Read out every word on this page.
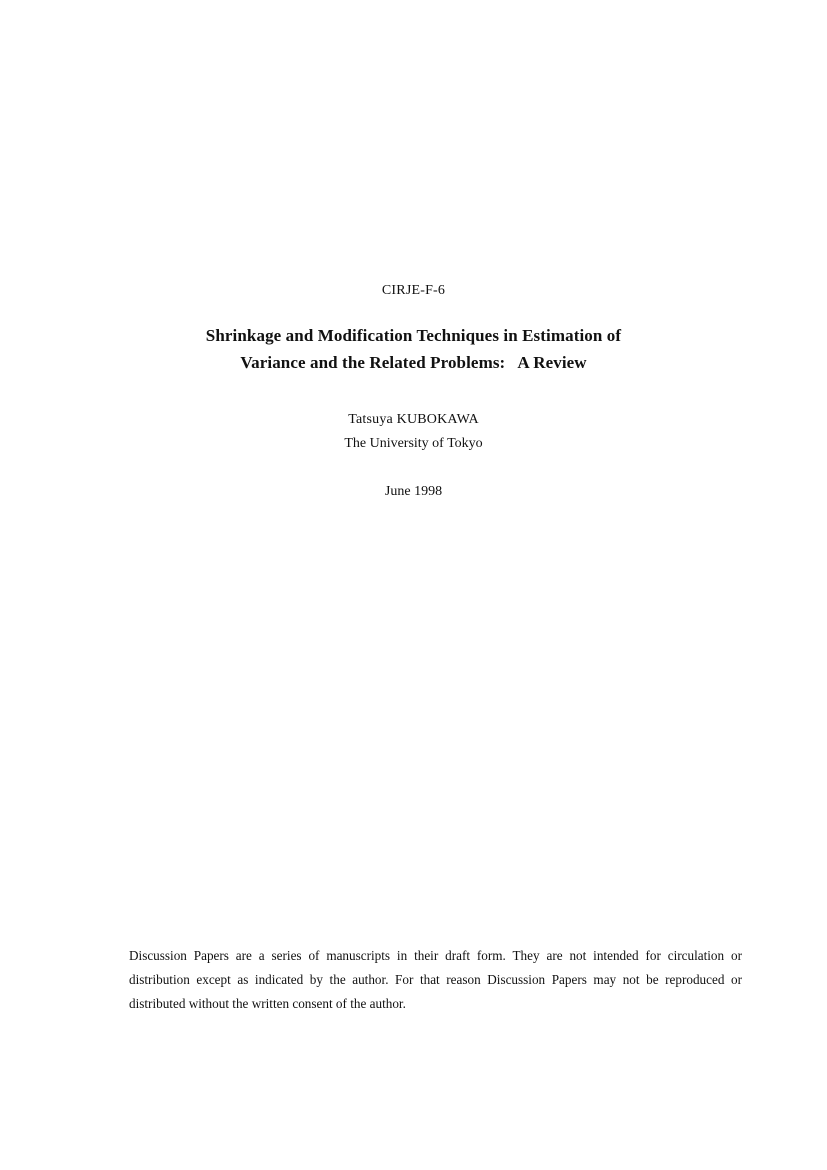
CIRJE-F-6
Shrinkage and Modification Techniques in Estimation of
Variance and the Related Problems:   A Review
Tatsuya KUBOKAWA
The University of Tokyo
June 1998
Discussion Papers are a series of manuscripts in their draft form. They are not intended for circulation or distribution except as indicated by the author. For that reason Discussion Papers may not be reproduced or distributed without the written consent of the author.
